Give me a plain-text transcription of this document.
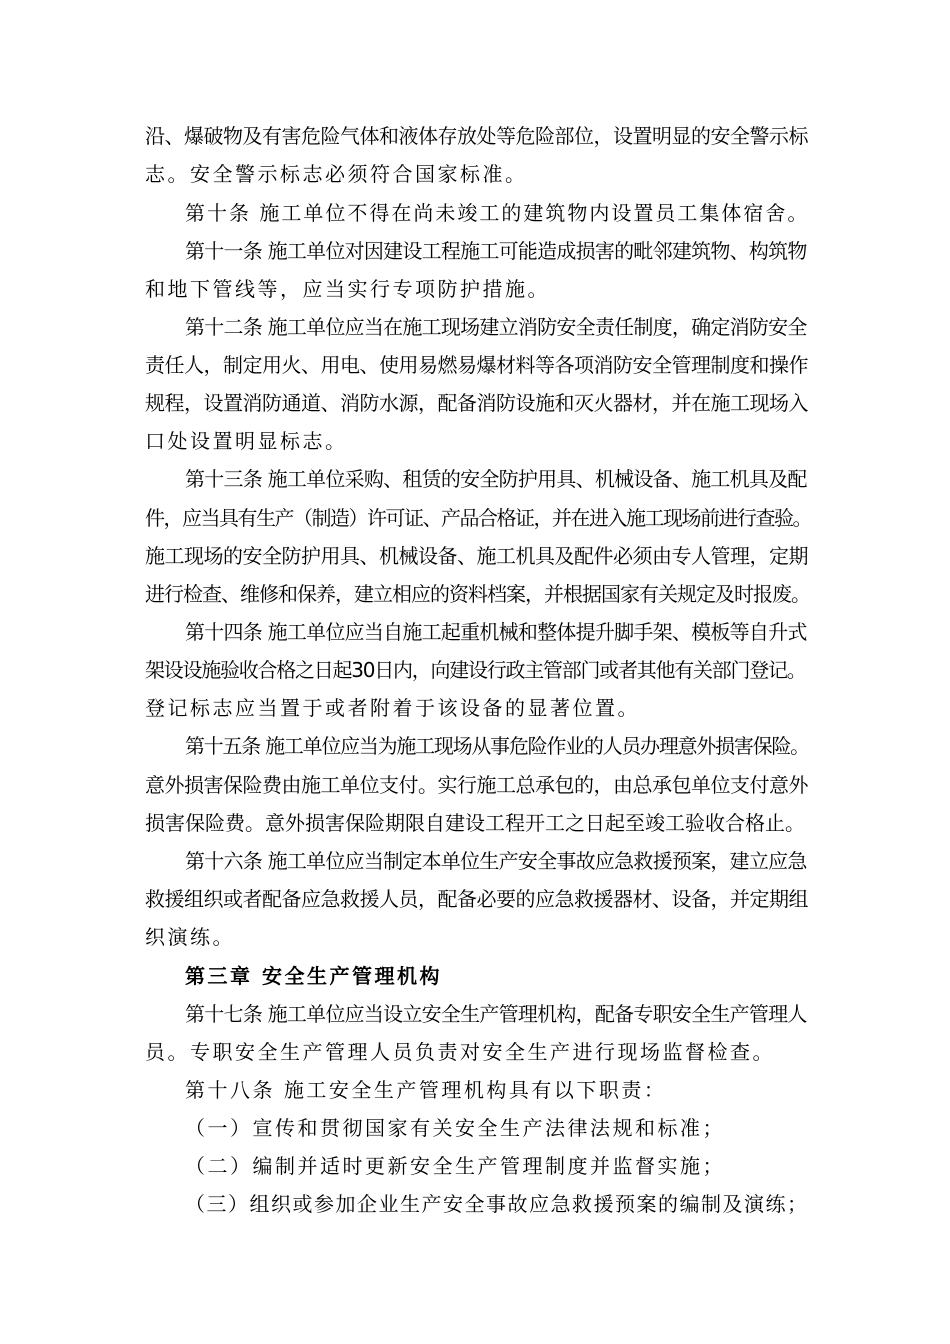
沿、爆破物及有害危险气体和液体存放处等危险部位，设置明显的安全警示标
志。安全警示标志必须符合国家标准。
第十条 施工单位不得在尚未竣工的建筑物内设置员工集体宿舍。
第十一条 施工单位对因建设工程施工可能造成损害的毗邻建筑物、构筑物
和地下管线等，应当实行专项防护措施。
第十二条 施工单位应当在施工现场建立消防安全责任制度，确定消防安全
责任人，制定用火、用电、使用易燃易爆材料等各项消防安全管理制度和操作
规程，设置消防通道、消防水源，配备消防设施和灭火器材，并在施工现场入
口处设置明显标志。
第十三条 施工单位采购、租赁的安全防护用具、机械设备、施工机具及配
件，应当具有生产（制造）许可证、产品合格证，并在进入施工现场前进行查验。
施工现场的安全防护用具、机械设备、施工机具及配件必须由专人管理，定期
进行检查、维修和保养，建立相应的资料档案，并根据国家有关规定及时报废。
第十四条 施工单位应当自施工起重机械和整体提升脚手架、模板等自升式
架设设施验收合格之日起30日内，向建设行政主管部门或者其他有关部门登记。
登记标志应当置于或者附着于该设备的显著位置。
第十五条 施工单位应当为施工现场从事危险作业的人员办理意外损害保险。
意外损害保险费由施工单位支付。实行施工总承包的，由总承包单位支付意外
损害保险费。意外损害保险期限自建设工程开工之日起至竣工验收合格止。
第十六条 施工单位应当制定本单位生产安全事故应急救援预案，建立应急
救援组织或者配备应急救援人员，配备必要的应急救援器材、设备，并定期组
织演练。
第三章 安全生产管理机构
第十七条 施工单位应当设立安全生产管理机构，配备专职安全生产管理人
员。专职安全生产管理人员负责对安全生产进行现场监督检查。
第十八条 施工安全生产管理机构具有以下职责：
（一）宣传和贯彻国家有关安全生产法律法规和标准；
（二）编制并适时更新安全生产管理制度并监督实施；
（三）组织或参加企业生产安全事故应急救援预案的编制及演练；
